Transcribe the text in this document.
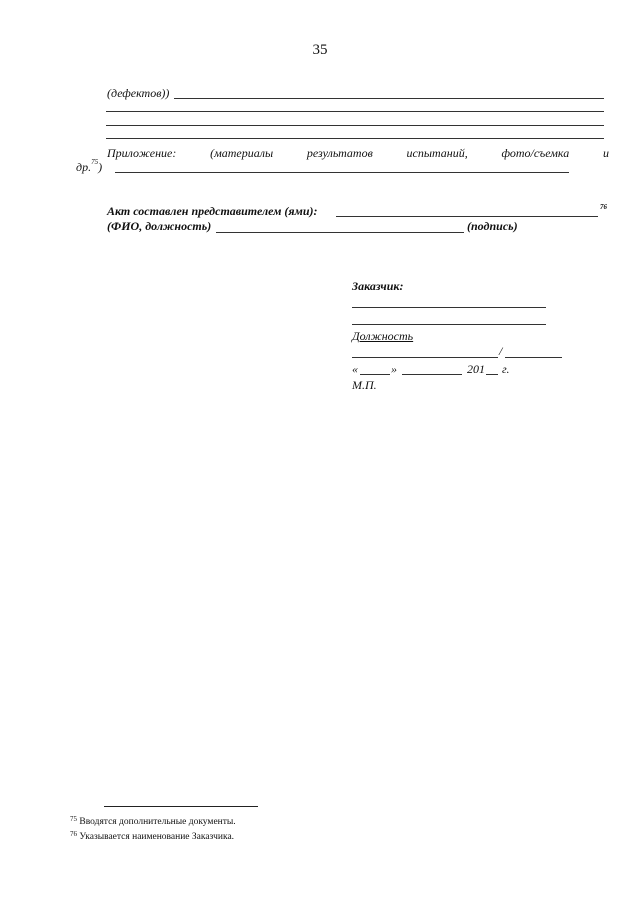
35
(дефектов))
Приложение:	(материалы	результатов	испытаний,	фото/съемка	и
др.$^{75}$)
Акт составлен представителем (ями):	76
(ФИО, должность)	(подпись)
Заказчик:
Должность
/
«	»	201 г.
М.П.
$^{75}$ Вводятся дополнительные документы.
$^{76}$ Указывается наименование Заказчика.
